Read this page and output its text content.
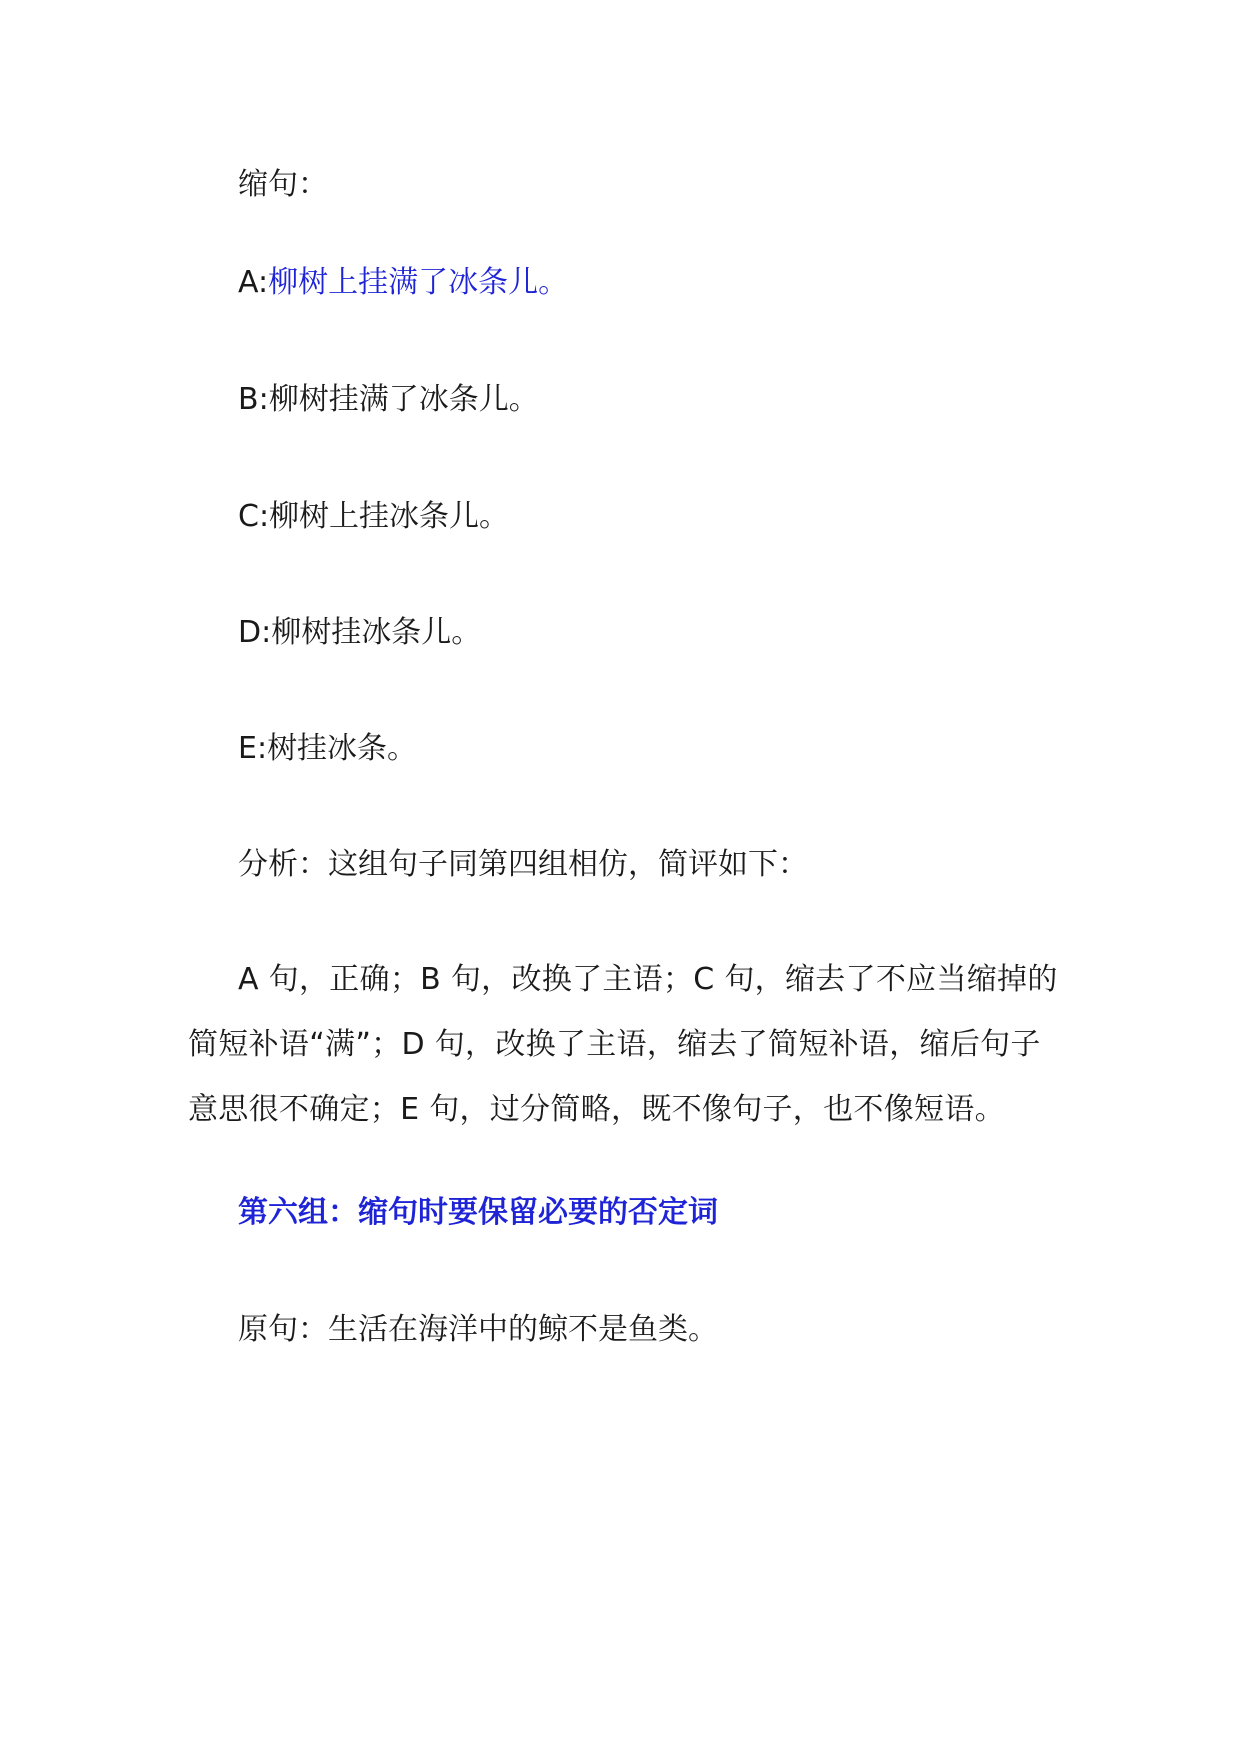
缩句：

A:柳树上挂满了冰条儿。

B:柳树挂满了冰条儿。

C:柳树上挂冰条儿。

D:柳树挂冰条儿。

E:树挂冰条。

分析：这组句子同第四组相仿，简评如下：

A 句，正确；B 句，改换了主语；C 句，缩去了不应当缩掉的简短补语“满”；D 句，改换了主语，缩去了简短补语，缩后句子意思很不确定；E 句，过分简略，既不像句子，也不像短语。

第六组：缩句时要保留必要的否定词

原句：生活在海洋中的鲸不是鱼类。
